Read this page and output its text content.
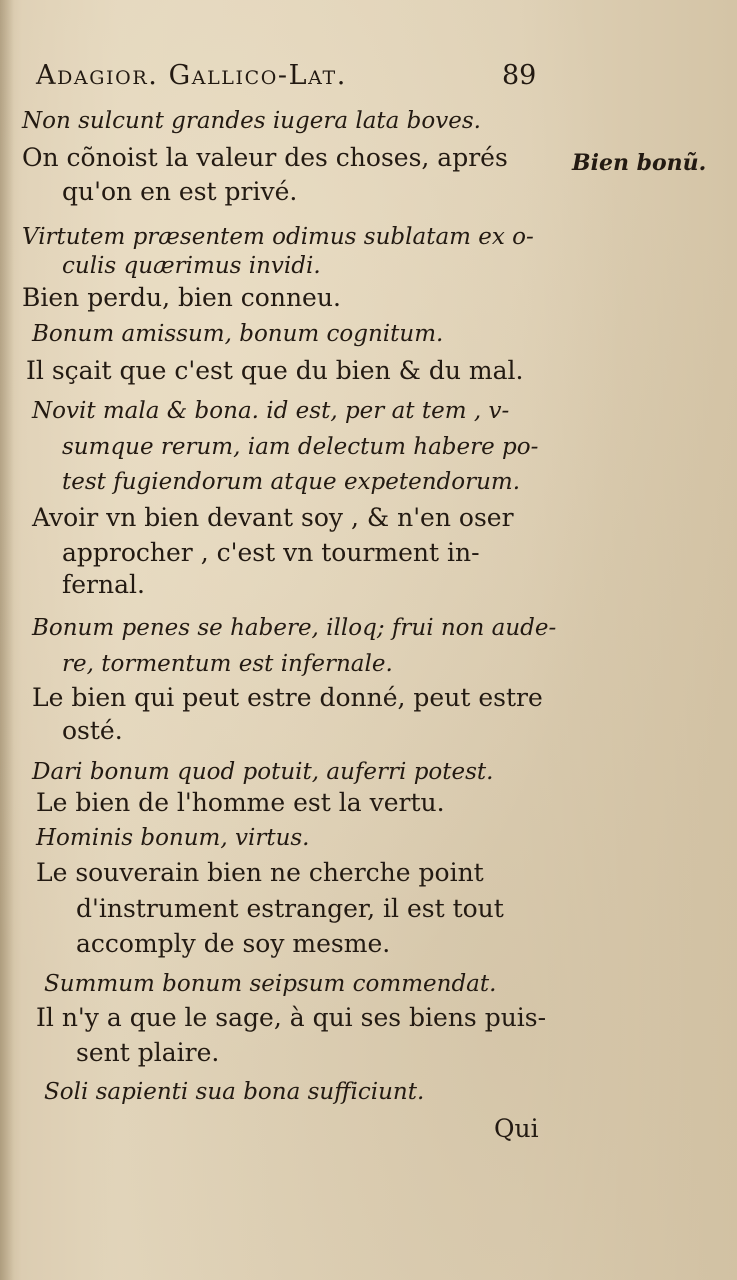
Adagior. Gallico-Lat.	89
Bien bonũ.
Non sulcunt grandes iugera lata boves.
On cõnoist la valeur des choses, aprés
qu'on en est privé.
Virtutem præsentem odimus sublatam ex o-
culis quærimus invidi.
Bien perdu, bien conneu.
Bonum amissum, bonum cognitum.
Il sçait que c'est que du bien & du mal.
Novit mala & bona. id est, per at tem , v-
sumque rerum, iam delectum habere po-
test fugiendorum atque expetendorum.
Avoir vn bien devant soy , & n'en oser
approcher , c'est vn tourment in-
fernal.
Bonum penes se habere, illoq; frui non aude-
re, tormentum est infernale.
Le bien qui peut estre donné, peut estre
osté.
Dari bonum quod potuit, auferri potest.
Le bien de l'homme est la vertu.
Hominis bonum, virtus.
Le souverain bien ne cherche point
d'instrument estranger, il est tout
accomply de soy mesme.
Summum bonum seipsum commendat.
Il n'y a que le sage, à qui ses biens puis-
sent plaire.
Soli sapienti sua bona sufficiunt.
Qui
